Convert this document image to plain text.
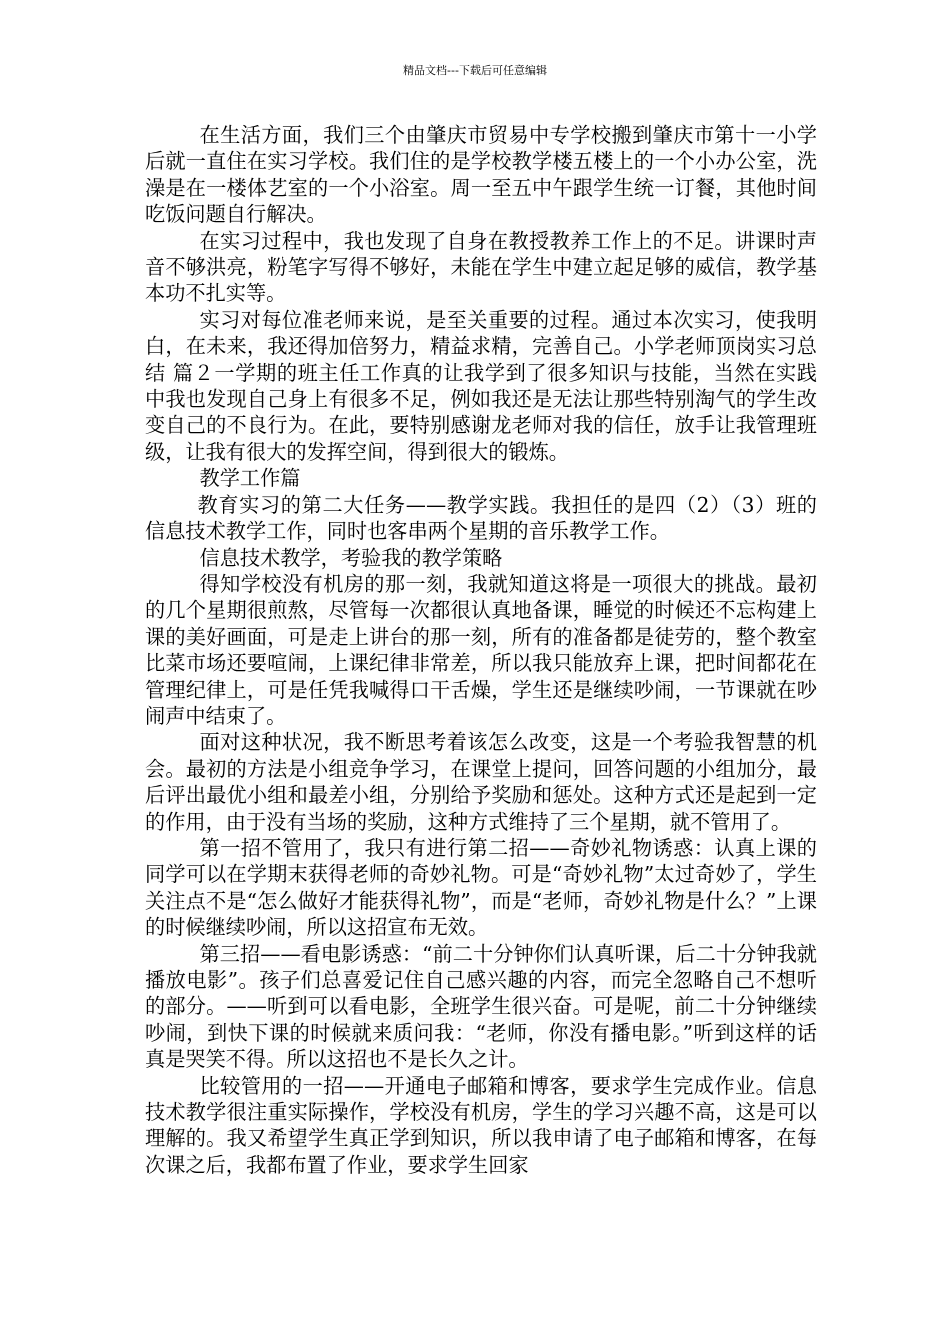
精品文档---下载后可任意编辑

在生活方面，我们三个由肇庆市贸易中专学校搬到肇庆市第十一小学后就一直住在实习学校。我们住的是学校教学楼五楼上的一个小办公室，洗澡是在一楼体艺室的一个小浴室。周一至五中午跟学生统一订餐，其他时间吃饭问题自行解决。

在实习过程中，我也发现了自身在教授教养工作上的不足。讲课时声音不够洪亮，粉笔字写得不够好，未能在学生中建立起足够的威信，教学基本功不扎实等。

实习对每位准老师来说，是至关重要的过程。通过本次实习，使我明白，在未来，我还得加倍努力，精益求精，完善自己。小学老师顶岗实习总结 篇２一学期的班主任工作真的让我学到了很多知识与技能，当然在实践中我也发现自己身上有很多不足，例如我还是无法让那些特别淘气的学生改变自己的不良行为。在此，要特别感谢龙老师对我的信任，放手让我管理班级，让我有很大的发挥空间，得到很大的锻炼。

教学工作篇

教育实习的第二大任务——教学实践。我担任的是四（2）（3）班的信息技术教学工作，同时也客串两个星期的音乐教学工作。

信息技术教学，考验我的教学策略

得知学校没有机房的那一刻，我就知道这将是一项很大的挑战。最初的几个星期很煎熬，尽管每一次都很认真地备课，睡觉的时候还不忘构建上课的美好画面，可是走上讲台的那一刻，所有的准备都是徒劳的，整个教室比菜市场还要喧闹，上课纪律非常差，所以我只能放弃上课，把时间都花在管理纪律上，可是任凭我喊得口干舌燥，学生还是继续吵闹，一节课就在吵闹声中结束了。

面对这种状况，我不断思考着该怎么改变，这是一个考验我智慧的机会。最初的方法是小组竞争学习，在课堂上提问，回答问题的小组加分，最后评出最优小组和最差小组，分别给予奖励和惩处。这种方式还是起到一定的作用，由于没有当场的奖励，这种方式维持了三个星期，就不管用了。

第一招不管用了，我只有进行第二招——奇妙礼物诱惑：认真上课的同学可以在学期末获得老师的奇妙礼物。可是“奇妙礼物”太过奇妙了，学生关注点不是“怎么做好才能获得礼物”，而是“老师，奇妙礼物是什么？”上课的时候继续吵闹，所以这招宣布无效。

第三招——看电影诱惑：“前二十分钟你们认真听课，后二十分钟我就播放电影”。孩子们总喜爱记住自己感兴趣的内容，而完全忽略自己不想听的部分。——听到可以看电影，全班学生很兴奋。可是呢，前二十分钟继续吵闹，到快下课的时候就来质问我：“老师，你没有播电影。”听到这样的话真是哭笑不得。所以这招也不是长久之计。

比较管用的一招——开通电子邮箱和博客，要求学生完成作业。信息技术教学很注重实际操作，学校没有机房，学生的学习兴趣不高，这是可以理解的。我又希望学生真正学到知识，所以我申请了电子邮箱和博客，在每次课之后，我都布置了作业，要求学生回家
